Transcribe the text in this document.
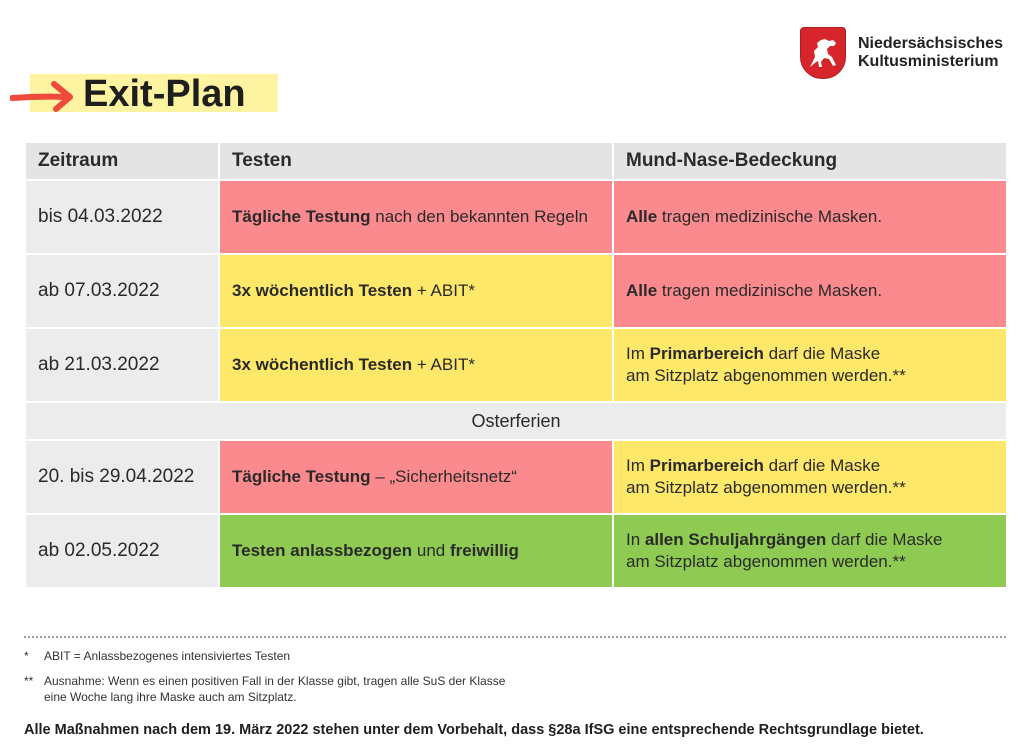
Niedersächsisches
Kultusministerium
Exit-Plan
Zeitraum	Testen	Mund-Nase-Bedeckung
bis 04.03.2022	Tägliche Testung nach den bekannten Regeln	Alle tragen medizinische Masken.

ab 07.03.2022	3x wöchentlich Testen + ABIT*	Alle tragen medizinische Masken.

ab 21.03.2022	3x wöchentlich Testen + ABIT*	Im Primarbereich darf die Maske
am Sitzplatz abgenommen werden.**

Osterferien		
20. bis 29.04.2022	Tägliche Testung – „Sicherheitsnetz“	Im Primarbereich darf die Maske
am Sitzplatz abgenommen werden.**

ab 02.05.2022	Testen anlassbezogen und freiwillig	In allen Schuljahrgängen darf die Maske
am Sitzplatz abgenommen werden.**
* ABIT = Anlassbezogenes intensiviertes Testen
** Ausnahme: Wenn es einen positiven Fall in der Klasse gibt, tragen alle SuS der Klasse
eine Woche lang ihre Maske auch am Sitzplatz.
Alle Maßnahmen nach dem 19. März 2022 stehen unter dem Vorbehalt, dass §28a IfSG eine entsprechende Rechtsgrundlage bietet.
